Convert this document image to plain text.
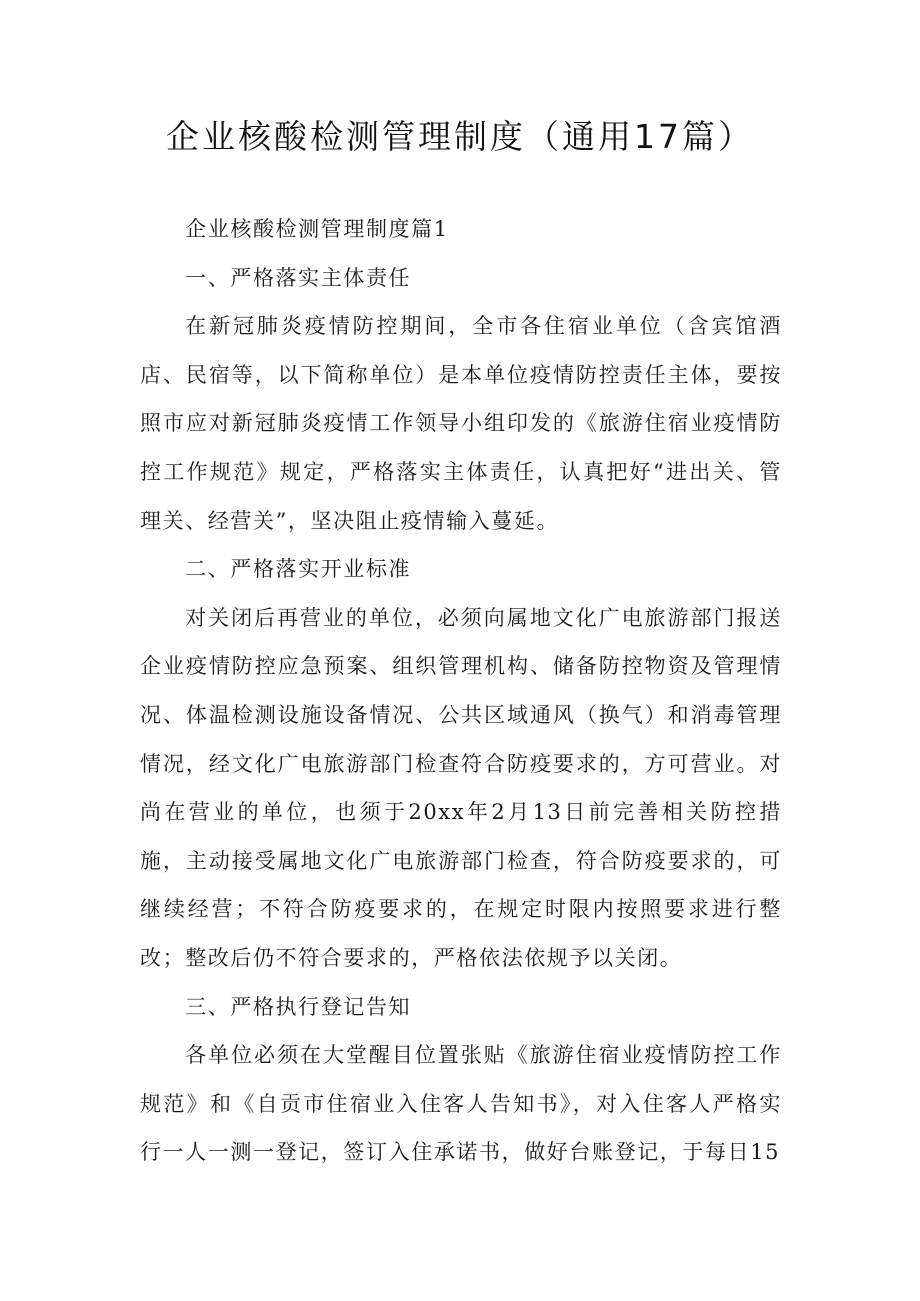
企业核酸检测管理制度（通用17篇）

企业核酸检测管理制度篇1

一、严格落实主体责任

在新冠肺炎疫情防控期间，全市各住宿业单位（含宾馆酒店、民宿等，以下简称单位）是本单位疫情防控责任主体，要按照市应对新冠肺炎疫情工作领导小组印发的《旅游住宿业疫情防控工作规范》规定，严格落实主体责任，认真把好“进出关、管理关、经营关”，坚决阻止疫情输入蔓延。

二、严格落实开业标准

对关闭后再营业的单位，必须向属地文化广电旅游部门报送企业疫情防控应急预案、组织管理机构、储备防控物资及管理情况、体温检测设施设备情况、公共区域通风（换气）和消毒管理情况，经文化广电旅游部门检查符合防疫要求的，方可营业。对尚在营业的单位，也须于20xx年2月13日前完善相关防控措施，主动接受属地文化广电旅游部门检查，符合防疫要求的，可继续经营；不符合防疫要求的，在规定时限内按照要求进行整改；整改后仍不符合要求的，严格依法依规予以关闭。

三、严格执行登记告知

各单位必须在大堂醒目位置张贴《旅游住宿业疫情防控工作规范》和《自贡市住宿业入住客人告知书》，对入住客人严格实行一人一测一登记，签订入住承诺书，做好台账登记，于每日15
